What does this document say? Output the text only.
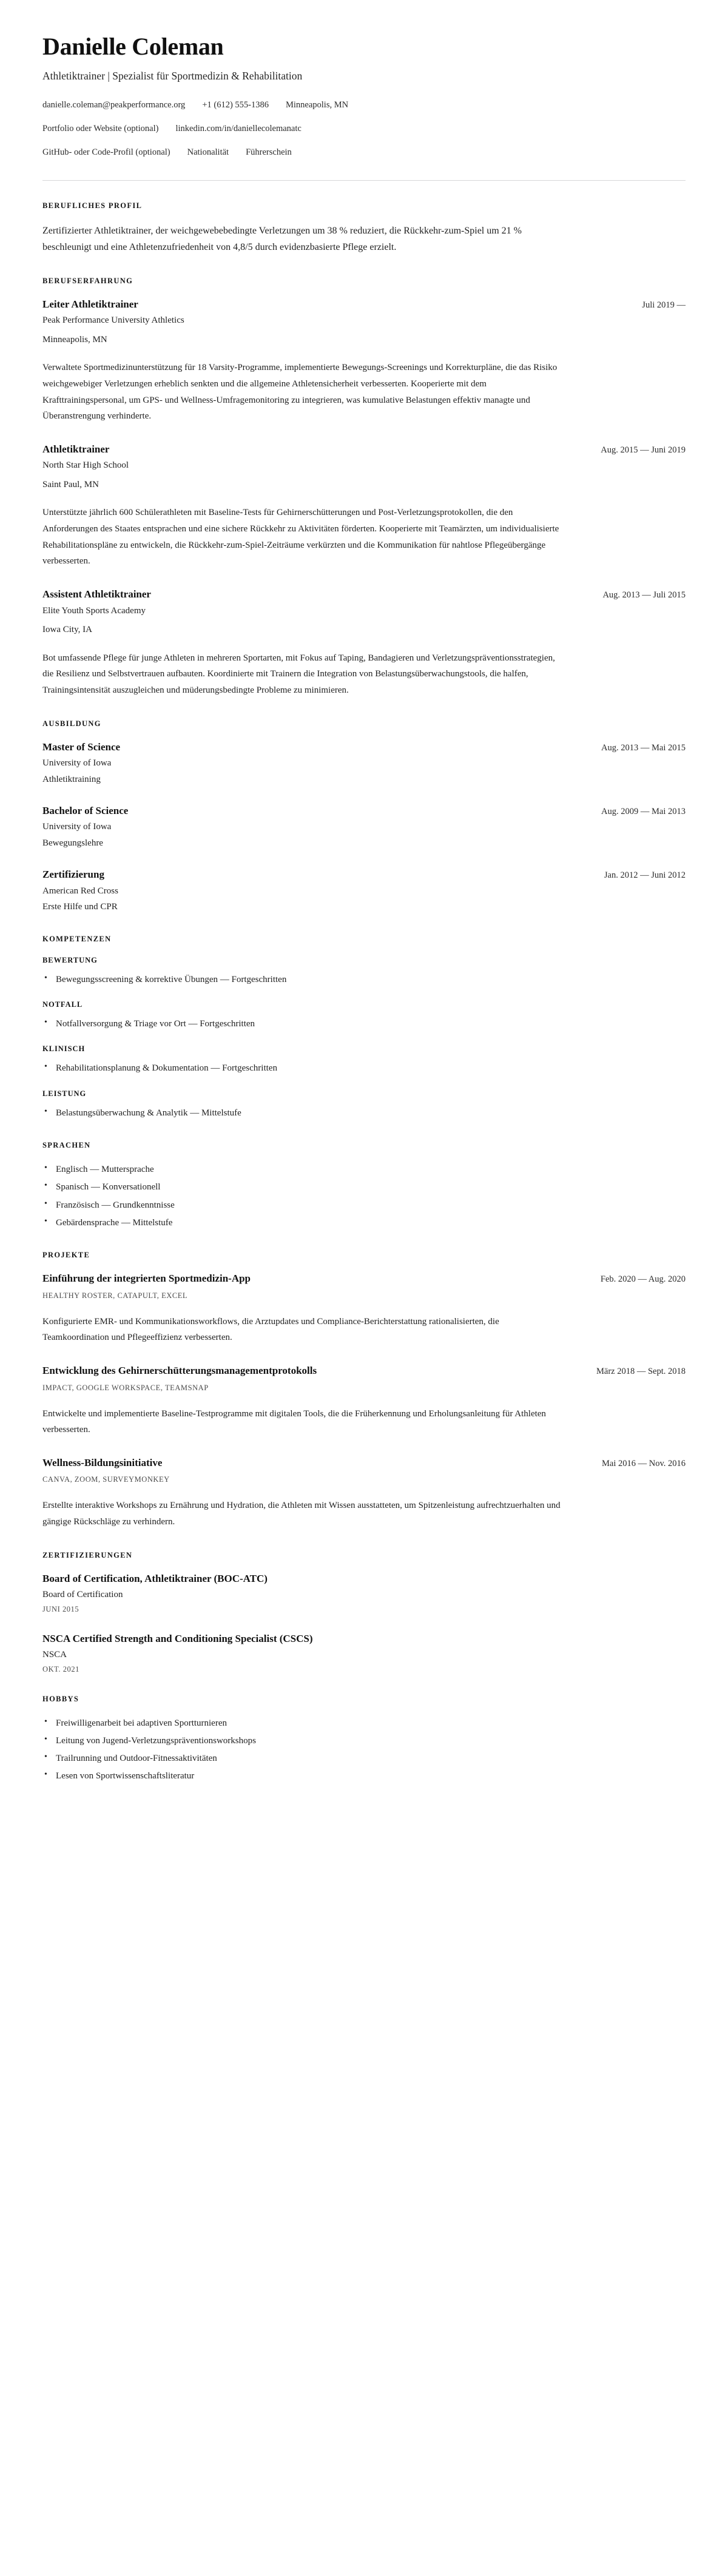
Danielle Coleman
Athletiktrainer | Spezialist für Sportmedizin & Rehabilitation
danielle.coleman@peakperformance.org +1 (612) 555-1386 Minneapolis, MN
Portfolio oder Website (optional) linkedin.com/in/daniellecolemanatc
GitHub- oder Code-Profil (optional) Nationalität Führerschein
BERUFLICHES PROFIL

Zertifizierter Athletiktrainer, der weichgewebebedingte Verletzungen um 38 % reduziert, die Rückkehr-zum-Spiel um 21 % beschleunigt und eine Athletenzufriedenheit von 4,8/5 durch evidenzbasierte Pflege erzielt.

BERUFSERFAHRUNG
Leiter Athletiktrainer	Juli 2019 —
Peak Performance University Athletics
Minneapolis, MN

Verwaltete Sportmedizinunterstützung für 18 Varsity-Programme, implementierte Bewegungs-Screenings und Korrekturpläne, die das Risiko weichgewebiger Verletzungen erheblich senkten und die allgemeine Athletensicherheit verbesserten. Kooperierte mit dem Krafttrainingspersonal, um GPS- und Wellness-Umfragemonitoring zu integrieren, was kumulative Belastungen effektiv managte und Überanstrengung verhinderte.

Athletiktrainer	Aug. 2015 — Juni 2019
North Star High School
Saint Paul, MN

Unterstützte jährlich 600 Schülerathleten mit Baseline-Tests für Gehirnerschütterungen und Post-Verletzungsprotokollen, die den Anforderungen des Staates entsprachen und eine sichere Rückkehr zu Aktivitäten förderten. Kooperierte mit Teamärzten, um individualisierte Rehabilitationspläne zu entwickeln, die Rückkehr-zum-Spiel-Zeiträume verkürzten und die Kommunikation für nahtlose Pflegeübergänge verbesserten.

Assistent Athletiktrainer	Aug. 2013 — Juli 2015
Elite Youth Sports Academy
Iowa City, IA

Bot umfassende Pflege für junge Athleten in mehreren Sportarten, mit Fokus auf Taping, Bandagieren und Verletzungspräventionsstrategien, die Resilienz und Selbstvertrauen aufbauten. Koordinierte mit Trainern die Integration von Belastungsüberwachungstools, die halfen, Trainingsintensität auszugleichen und müderungsbedingte Probleme zu minimieren.

AUSBILDUNG
Master of Science	Aug. 2013 — Mai 2015
University of Iowa
Athletiktraining
Bachelor of Science	Aug. 2009 — Mai 2013
University of Iowa
Bewegungslehre
Zertifizierung	Jan. 2012 — Juni 2012
American Red Cross
Erste Hilfe und CPR
KOMPETENZEN
BEWERTUNG
• Bewegungsscreening & korrektive Übungen — Fortgeschritten
NOTFALL
• Notfallversorgung & Triage vor Ort — Fortgeschritten
KLINISCH
• Rehabilitationsplanung & Dokumentation — Fortgeschritten
LEISTUNG
• Belastungsüberwachung & Analytik — Mittelstufe
SPRACHEN
• Englisch — Muttersprache
• Spanisch — Konversationell
• Französisch — Grundkenntnisse
• Gebärdensprache — Mittelstufe
PROJEKTE
Einführung der integrierten Sportmedizin-App	Feb. 2020 — Aug. 2020
HEALTHY ROSTER, CATAPULT, EXCEL

Konfigurierte EMR- und Kommunikationsworkflows, die Arztupdates und Compliance-Berichterstattung rationalisierten, die Teamkoordination und Pflegeeffizienz verbesserten.

Entwicklung des Gehirnerschütterungsmanagementprotokolls	März 2018 — Sept. 2018
IMPACT, GOOGLE WORKSPACE, TEAMSNAP

Entwickelte und implementierte Baseline-Testprogramme mit digitalen Tools, die die Früherkennung und Erholungsanleitung für Athleten verbesserten.

Wellness-Bildungsinitiative	Mai 2016 — Nov. 2016
CANVA, ZOOM, SURVEYMONKEY

Erstellte interaktive Workshops zu Ernährung und Hydration, die Athleten mit Wissen ausstatteten, um Spitzenleistung aufrechtzuerhalten und gängige Rückschläge zu verhindern.

ZERTIFIZIERUNGEN
Board of Certification, Athletiktrainer (BOC-ATC)
Board of Certification
JUNI 2015
NSCA Certified Strength and Conditioning Specialist (CSCS)
NSCA
OKT. 2021
HOBBYS
• Freiwilligenarbeit bei adaptiven Sportturnieren
• Leitung von Jugend-Verletzungspräventionsworkshops
• Trailrunning und Outdoor-Fitnessaktivitäten
• Lesen von Sportwissenschaftsliteratur
